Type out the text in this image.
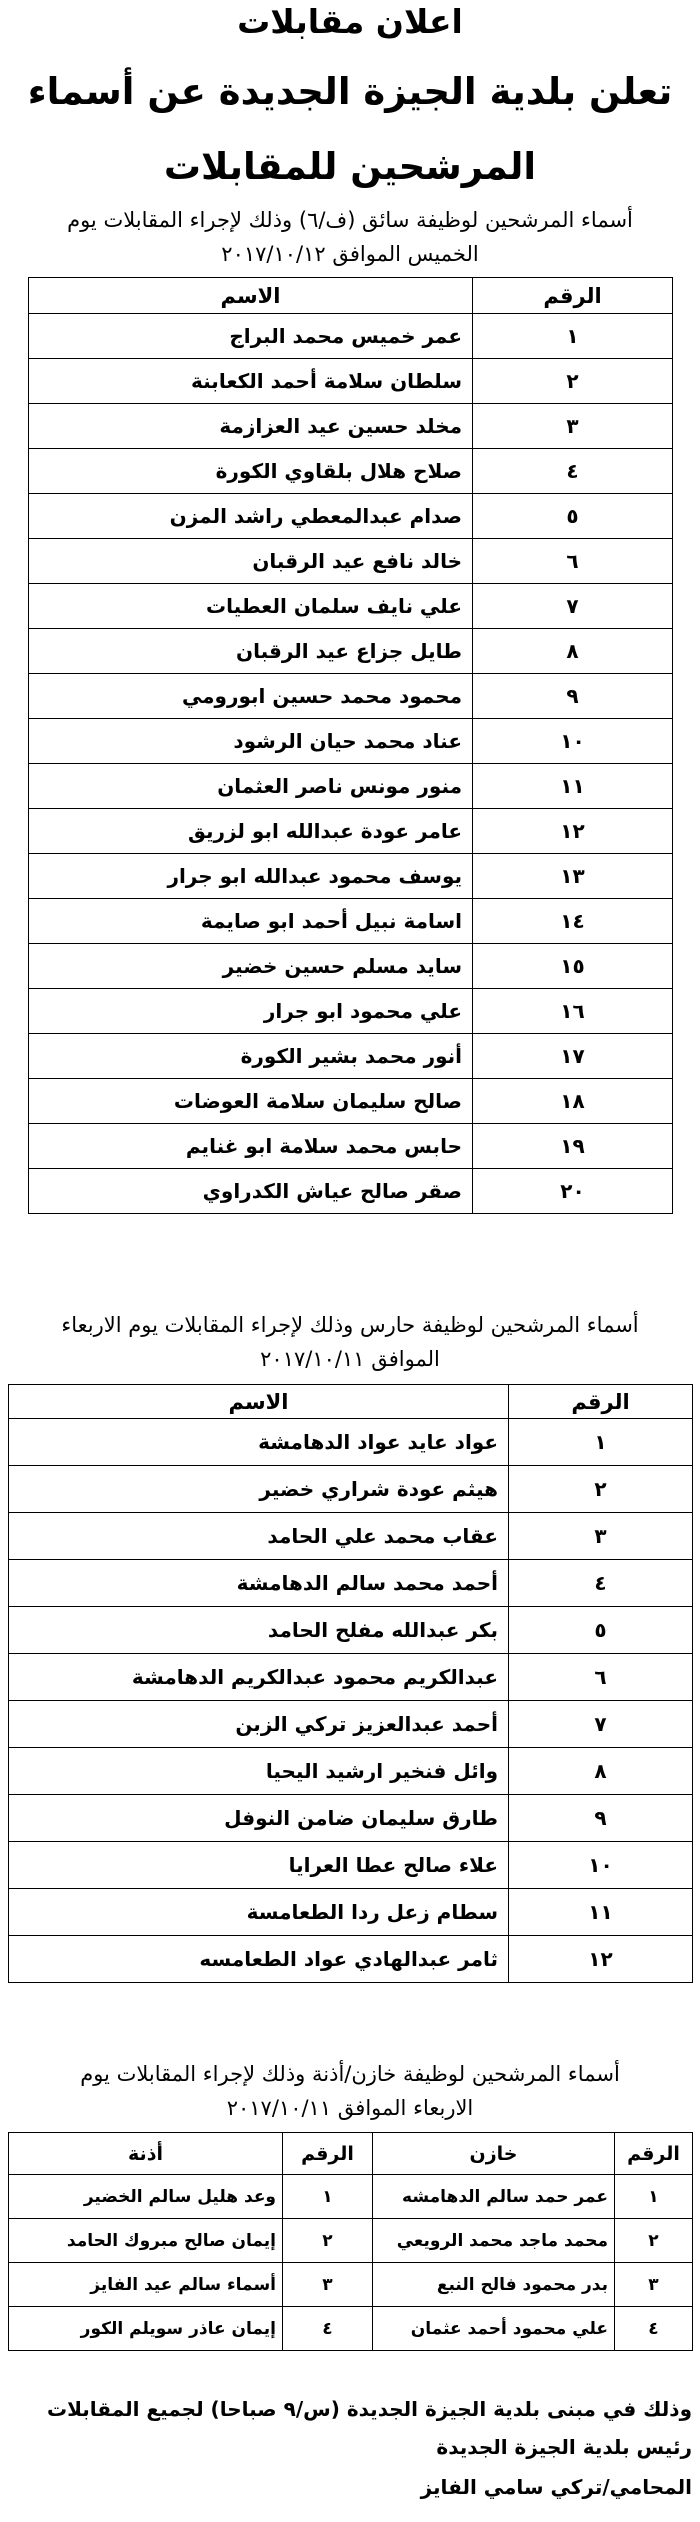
اعلان مقابلات
تعلن بلدية الجيزة الجديدة عن أسماء
المرشحين للمقابلات
أسماء المرشحين لوظيفة سائق (ف/٦) وذلك لإجراء المقابلات يوم
الخميس الموافق ٢٠١٧/١٠/١٢
الرقم	الاسم
١	عمر خميس محمد البراج
٢	سلطان سلامة أحمد الكعابنة
٣	مخلد حسين عيد العزازمة
٤	صلاح هلال بلقاوي الكورة
٥	صدام عبدالمعطي راشد المزن
٦	خالد نافع عيد الرقبان
٧	علي نايف سلمان العطيات
٨	طايل جزاع عيد الرقبان
٩	محمود محمد حسين ابورومي
١٠	عناد محمد حيان الرشود
١١	منور مونس ناصر العثمان
١٢	عامر عودة عبدالله ابو لزريق
١٣	يوسف محمود عبدالله ابو جرار
١٤	اسامة نبيل أحمد ابو صايمة
١٥	سايد مسلم حسين خضير
١٦	علي محمود ابو جرار
١٧	أنور محمد بشير الكورة
١٨	صالح سليمان سلامة العوضات
١٩	حابس محمد سلامة ابو غنايم
٢٠	صقر صالح عياش الكدراوي
أسماء المرشحين لوظيفة حارس وذلك لإجراء المقابلات يوم الاربعاء
الموافق ٢٠١٧/١٠/١١
الرقم	الاسم
١	عواد عايد عواد الدهامشة
٢	هيثم عودة شراري خضير
٣	عقاب محمد علي الحامد
٤	أحمد محمد سالم الدهامشة
٥	بكر عبدالله مفلح الحامد
٦	عبدالكريم محمود عبدالكريم الدهامشة
٧	أحمد عبدالعزيز تركي الزبن
٨	وائل فنخير ارشيد اليحيا
٩	طارق سليمان ضامن النوفل
١٠	علاء صالح عطا العرايا
١١	سطام زعل ردا الطعامسة
١٢	ثامر عبدالهادي عواد الطعامسه
أسماء المرشحين لوظيفة خازن/أذنة وذلك لإجراء المقابلات يوم
الاربعاء الموافق ٢٠١٧/١٠/١١
الرقم	خازن	الرقم	أذنة
١	عمر حمد سالم الدهامشه	١	وعد هليل سالم الخضير
٢	محمد ماجد محمد الرويعي	٢	إيمان صالح مبروك الحامد
٣	بدر محمود فالح النبع	٣	أسماء سالم عيد الفايز
٤	علي محمود أحمد عثمان	٤	إيمان عاذر سويلم الكور
وذلك في مبنى بلدية الجيزة الجديدة (س/٩ صباحا) لجميع المقابلات
رئيس بلدية الجيزة الجديدة
المحامي/تركي سامي الفايز
